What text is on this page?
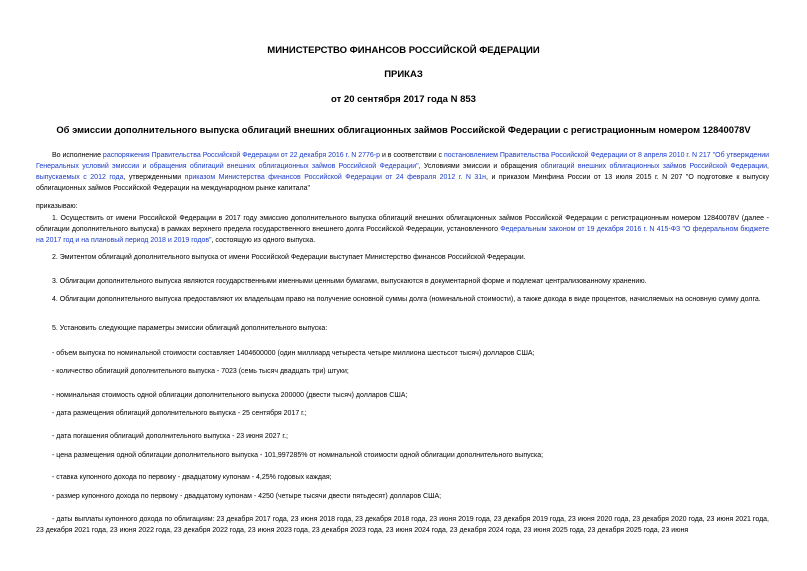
МИНИСТЕРСТВО ФИНАНСОВ РОССИЙСКОЙ ФЕДЕРАЦИИ
ПРИКАЗ
от 20 сентября 2017 года N 853
Об эмиссии дополнительного выпуска облигаций внешних облигационных займов Российской Федерации с регистрационным номером 12840078V
Во исполнение распоряжения Правительства Российской Федерации от 22 декабря 2016 г. N 2776-р и в соответствии с постановлением Правительства Российской Федерации от 8 апреля 2010 г. N 217 "Об утверждении Генеральных условий эмиссии и обращения облигаций внешних облигационных займов Российской Федерации", Условиями эмиссии и обращения облигаций внешних облигационных займов Российской Федерации, выпускаемых с 2012 года, утвержденными приказом Министерства финансов Российской Федерации от 24 февраля 2012 г. N 31н, и приказом Минфина России от 13 июля 2015 г. N 207 "О подготовке к выпуску облигационных займов Российской Федерации на международном рынке капитала"
приказываю:
1. Осуществить от имени Российской Федерации в 2017 году эмиссию дополнительного выпуска облигаций внешних облигационных займов Российской Федерации с регистрационным номером 12840078V (далее - облигации дополнительного выпуска) в рамках верхнего предела государственного внешнего долга Российской Федерации, установленного Федеральным законом от 19 декабря 2016 г. N 415-ФЗ "О федеральном бюджете на 2017 год и на плановый период 2018 и 2019 годов", состоящую из одного выпуска.
2. Эмитентом облигаций дополнительного выпуска от имени Российской Федерации выступает Министерство финансов Российской Федерации.
3. Облигации дополнительного выпуска являются государственными именными ценными бумагами, выпускаются в документарной форме и подлежат централизованному хранению.
4. Облигации дополнительного выпуска предоставляют их владельцам право на получение основной суммы долга (номинальной стоимости), а также дохода в виде процентов, начисляемых на основную сумму долга.
5. Установить следующие параметры эмиссии облигаций дополнительного выпуска:
- объем выпуска по номинальной стоимости составляет 1404600000 (один миллиард четыреста четыре миллиона шестьсот тысяч) долларов США;
- количество облигаций дополнительного выпуска - 7023 (семь тысяч двадцать три) штуки;
- номинальная стоимость одной облигации дополнительного выпуска 200000 (двести тысяч) долларов США;
- дата размещения облигаций дополнительного выпуска - 25 сентября 2017 г.;
- дата погашения облигаций дополнительного выпуска - 23 июня 2027 г.;
- цена размещения одной облигации дополнительного выпуска - 101,997285% от номинальной стоимости одной облигации дополнительного выпуска;
- ставка купонного дохода по первому - двадцатому купонам - 4,25% годовых каждая;
- размер купонного дохода по первому - двадцатому купонам - 4250 (четыре тысячи двести пятьдесят) долларов США;
- даты выплаты купонного дохода по облигациям: 23 декабря 2017 года, 23 июня 2018 года, 23 декабря 2018 года, 23 июня 2019 года, 23 декабря 2019 года, 23 июня 2020 года, 23 декабря 2020 года, 23 июня 2021 года, 23 декабря 2021 года, 23 июня 2022 года, 23 декабря 2022 года, 23 июня 2023 года, 23 декабря 2023 года, 23 июня 2024 года, 23 декабря 2024 года, 23 июня 2025 года, 23 декабря 2025 года, 23 июня
